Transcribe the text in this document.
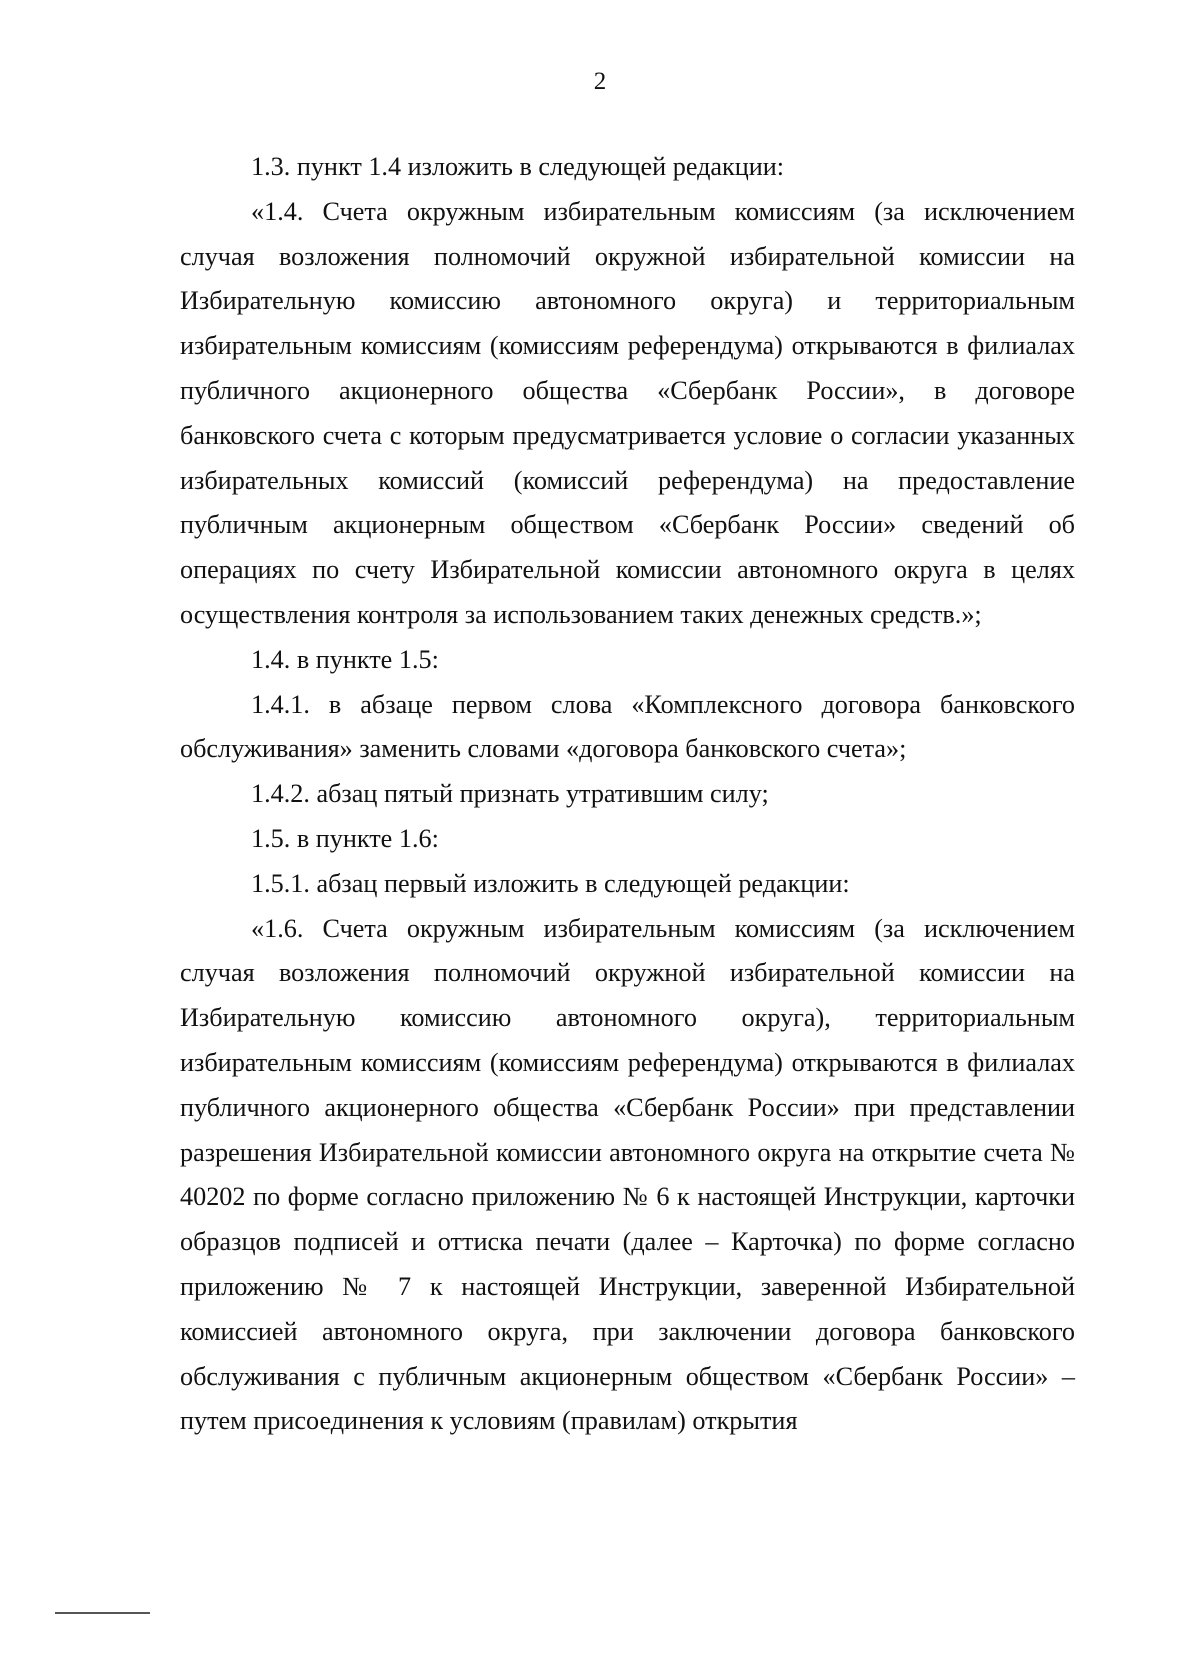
2

1.3. пункт 1.4 изложить в следующей редакции:

«1.4. Счета окружным избирательным комиссиям (за исключением случая возложения полномочий окружной избирательной комиссии на Избирательную комиссию автономного округа) и территориальным избирательным комиссиям (комиссиям референдума) открываются в филиалах публичного акционерного общества «Сбербанк России», в договоре банковского счета с которым предусматривается условие о согласии указанных избирательных комиссий (комиссий референдума) на предоставление публичным акционерным обществом «Сбербанк России» сведений об операциях по счету Избирательной комиссии автономного округа в целях осуществления контроля за использованием таких денежных средств.»;

1.4. в пункте 1.5:

1.4.1. в абзаце первом слова «Комплексного договора банковского обслуживания» заменить словами «договора банковского счета»;

1.4.2. абзац пятый признать утратившим силу;

1.5. в пункте 1.6:

1.5.1. абзац первый изложить в следующей редакции:

«1.6. Счета окружным избирательным комиссиям (за исключением случая возложения полномочий окружной избирательной комиссии на Избирательную комиссию автономного округа), территориальным избирательным комиссиям (комиссиям референдума) открываются в филиалах публичного акционерного общества «Сбербанк России» при представлении разрешения Избирательной комиссии автономного округа на открытие счета № 40202 по форме согласно приложению № 6 к настоящей Инструкции, карточки образцов подписей и оттиска печати (далее – Карточка) по форме согласно приложению № 7 к настоящей Инструкции, заверенной Избирательной комиссией автономного округа, при заключении договора банковского обслуживания с публичным акционерным обществом «Сбербанк России» – путем присоединения к условиям (правилам) открытия
